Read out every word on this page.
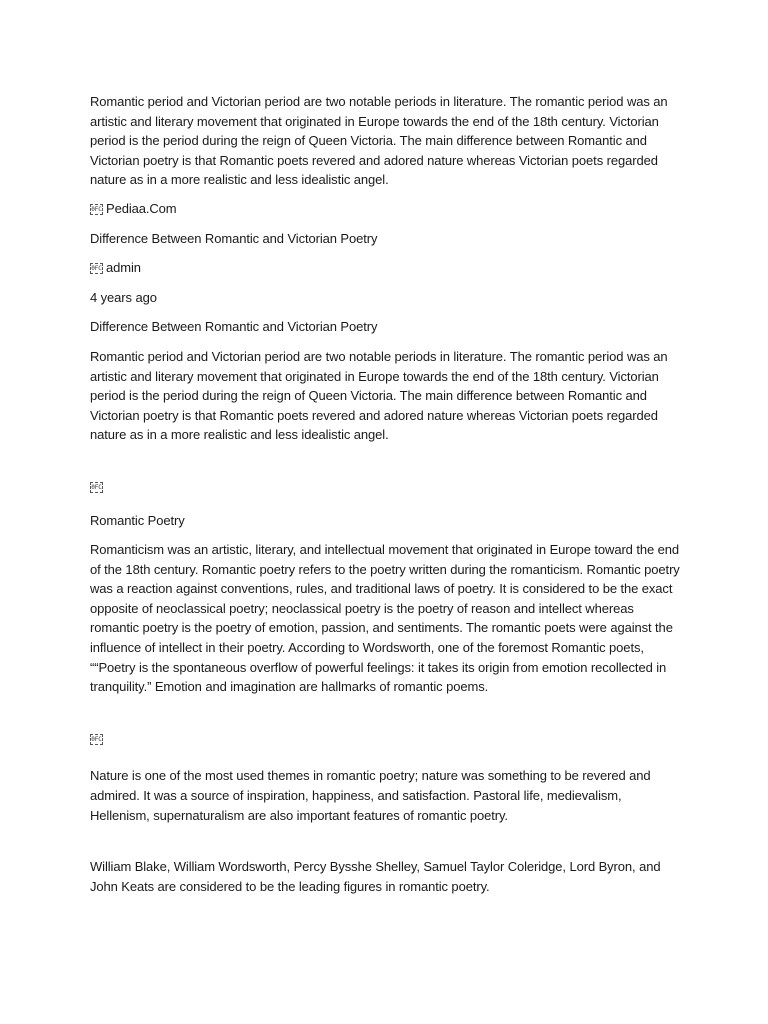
Romantic period and Victorian period are two notable periods in literature. The romantic period was an artistic and literary movement that originated in Europe towards the end of the 18th century. Victorian period is the period during the reign of Queen Victoria. The main difference between Romantic and Victorian poetry is that Romantic poets revered and adored nature whereas Victorian poets regarded nature as in a more realistic and less idealistic angel.

0FC Pediaa.Com

Difference Between Romantic and Victorian Poetry

0FC admin

4 years ago

Difference Between Romantic and Victorian Poetry

Romantic period and Victorian period are two notable periods in literature. The romantic period was an artistic and literary movement that originated in Europe towards the end of the 18th century. Victorian period is the period during the reign of Queen Victoria. The main difference between Romantic and Victorian poetry is that Romantic poets revered and adored nature whereas Victorian poets regarded nature as in a more realistic and less idealistic angel.

0FC

Romantic Poetry

Romanticism was an artistic, literary, and intellectual movement that originated in Europe toward the end of the 18th century. Romantic poetry refers to the poetry written during the romanticism. Romantic poetry was a reaction against conventions, rules, and traditional laws of poetry. It is considered to be the exact opposite of neoclassical poetry; neoclassical poetry is the poetry of reason and intellect whereas romantic poetry is the poetry of emotion, passion, and sentiments. The romantic poets were against the influence of intellect in their poetry. According to Wordsworth, one of the foremost Romantic poets, ““Poetry is the spontaneous overflow of powerful feelings: it takes its origin from emotion recollected in tranquility.” Emotion and imagination are hallmarks of romantic poems.

0FC

Nature is one of the most used themes in romantic poetry; nature was something to be revered and admired. It was a source of inspiration, happiness, and satisfaction. Pastoral life, medievalism, Hellenism, supernaturalism are also important features of romantic poetry.

William Blake, William Wordsworth, Percy Bysshe Shelley, Samuel Taylor Coleridge, Lord Byron, and John Keats are considered to be the leading figures in romantic poetry.
